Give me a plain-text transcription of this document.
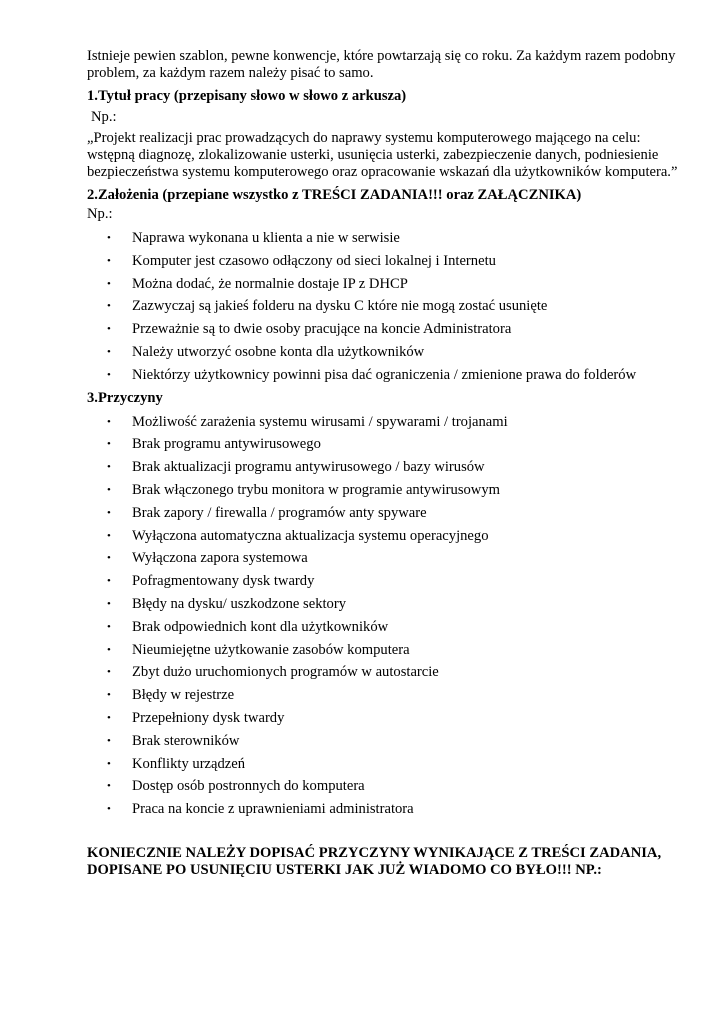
Istnieje pewien szablon, pewne konwencje, które powtarzają się co roku. Za każdym razem podobny problem, za każdym razem należy pisać to samo.

1.Tytuł pracy (przepisany słowo w słowo z arkusza)

Np.:

„Projekt realizacji prac prowadzących do naprawy systemu komputerowego mającego na celu: wstępną diagnozę, zlokalizowanie usterki, usunięcia usterki, zabezpieczenie danych, podniesienie bezpieczeństwa systemu komputerowego oraz opracowanie wskazań dla użytkowników komputera.”

2.Założenia (przepiane wszystko z TREŚCI ZADANIA!!! oraz ZAŁĄCZNIKA)

Np.:

• Naprawa wykonana u klienta a nie w serwisie
• Komputer jest czasowo odłączony od sieci lokalnej i Internetu
• Można dodać, że normalnie dostaje IP z DHCP
• Zazwyczaj są jakieś folderu na dysku C które nie mogą zostać usunięte
• Przeważnie są to dwie osoby pracujące na koncie Administratora
• Należy utworzyć osobne konta dla użytkowników
• Niektórzy użytkownicy powinni pisa dać ograniczenia / zmienione prawa do folderów

3.Przyczyny

• Możliwość zarażenia systemu wirusami / spywarami / trojanami
• Brak programu antywirusowego
• Brak aktualizacji programu antywirusowego / bazy wirusów
• Brak włączonego trybu monitora w programie antywirusowym
• Brak zapory / firewalla / programów anty spyware
• Wyłączona automatyczna aktualizacja systemu operacyjnego
• Wyłączona zapora systemowa
• Pofragmentowany dysk twardy
• Błędy na dysku/ uszkodzone sektory
• Brak odpowiednich kont dla użytkowników
• Nieumiejętne użytkowanie zasobów komputera
• Zbyt dużo uruchomionych programów w autostarcie
• Błędy w rejestrze
• Przepełniony dysk twardy
• Brak sterowników
• Konflikty urządzeń
• Dostęp osób postronnych do komputera
• Praca na koncie z uprawnieniami administratora

KONIECZNIE NALEŻY DOPISAĆ PRZYCZYNY WYNIKAJĄCE Z TREŚCI ZADANIA, DOPISANE PO USUNIĘCIU USTERKI JAK JUŻ WIADOMO CO BYŁO!!! NP.:
